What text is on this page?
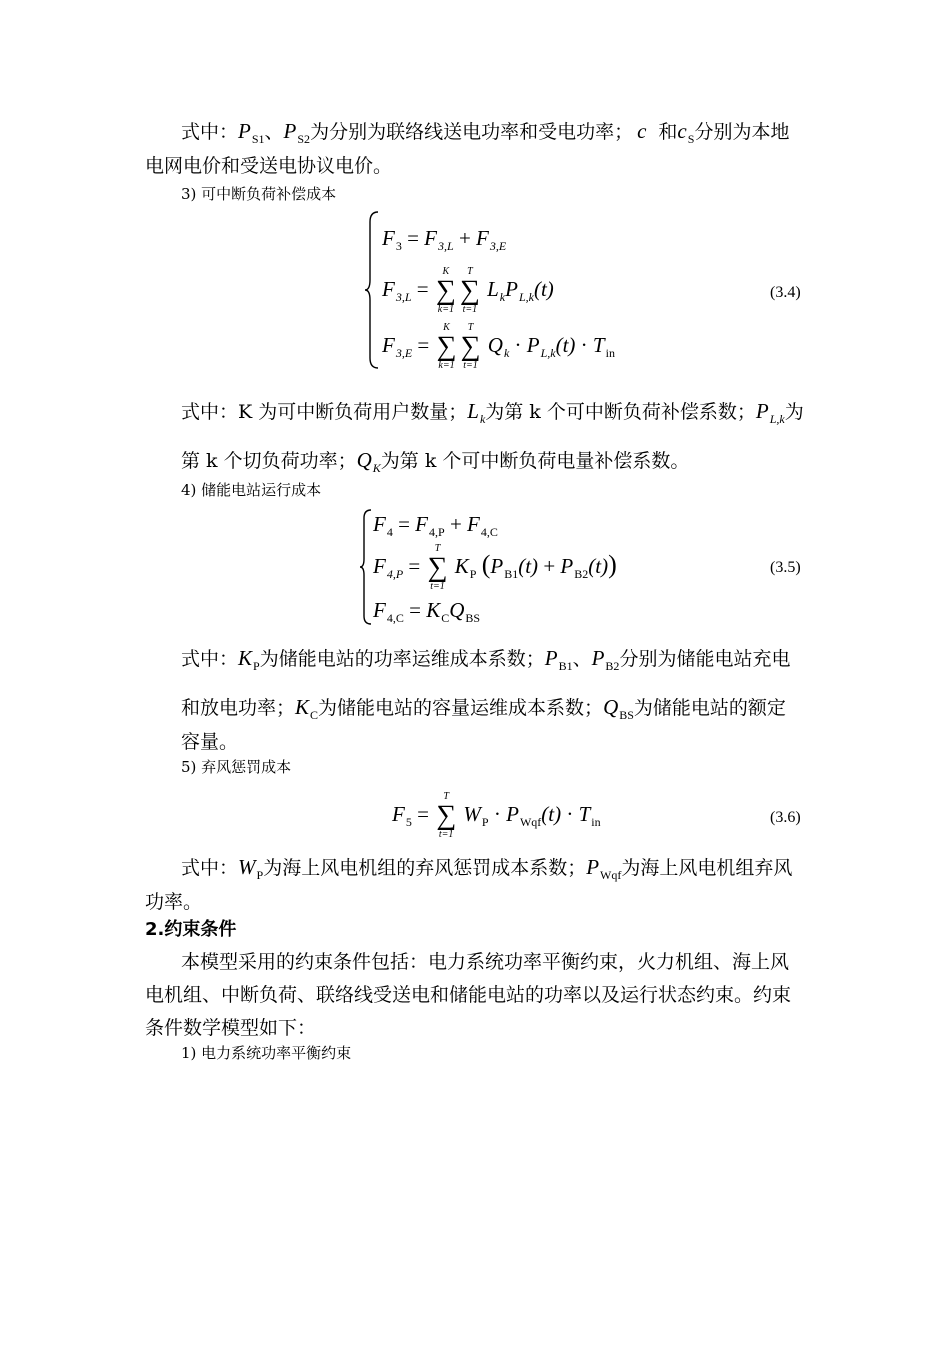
式中：$P_{S1}$、$P_{S2}$为分别为联络线送电功率和受电功率； c 和$c_S$分别为本地
电网电价和受送电协议电价。
3) 可中断负荷补偿成本
$F_3 = F_{3,L} + F_{3,E}$
$F_{3,L}$ =
K
∑
k=1
T
∑
t=1
$L_kP_{L,k}(t)$
$F_{3,E}$ =
K
∑
k=1
T
∑
t=1
$Q_k \cdot P_{L,k}(t) \cdot T_{in}$
(3.4)
式中：K 为可中断负荷用户数量；$L_k$为第 k 个可中断负荷补偿系数；$P_{L,k}$为
第 k 个切负荷功率；$Q_K$为第 k 个可中断负荷电量补偿系数。
4) 储能电站运行成本
$F_4 = F_{4,P} + F_{4,C}$
$F_{4,P}$ =
T
∑
t=1
$K_P$ $(P_{B1}(t) + P_{B2}(t))$
$F_{4,C} = K_CQ_{BS}$
(3.5)
式中：$K_P$为储能电站的功率运维成本系数；$P_{B1}$、$P_{B2}$分别为储能电站充电
和放电功率；$K_C$为储能电站的容量运维成本系数；$Q_{BS}$为储能电站的额定
容量。
5) 弃风惩罚成本
$F_5$ =
T
∑
t=1
$W_P \cdot P_{Wqf}(t) \cdot T_{in}$	(3.6)
式中：$W_P$为海上风电机组的弃风惩罚成本系数；$P_{Wqf}$为海上风电机组弃风
功率。
2.约束条件
本模型采用的约束条件包括：电力系统功率平衡约束，火力机组、海上风
电机组、中断负荷、联络线受送电和储能电站的功率以及运行状态约束。约束
条件数学模型如下：
1) 电力系统功率平衡约束
